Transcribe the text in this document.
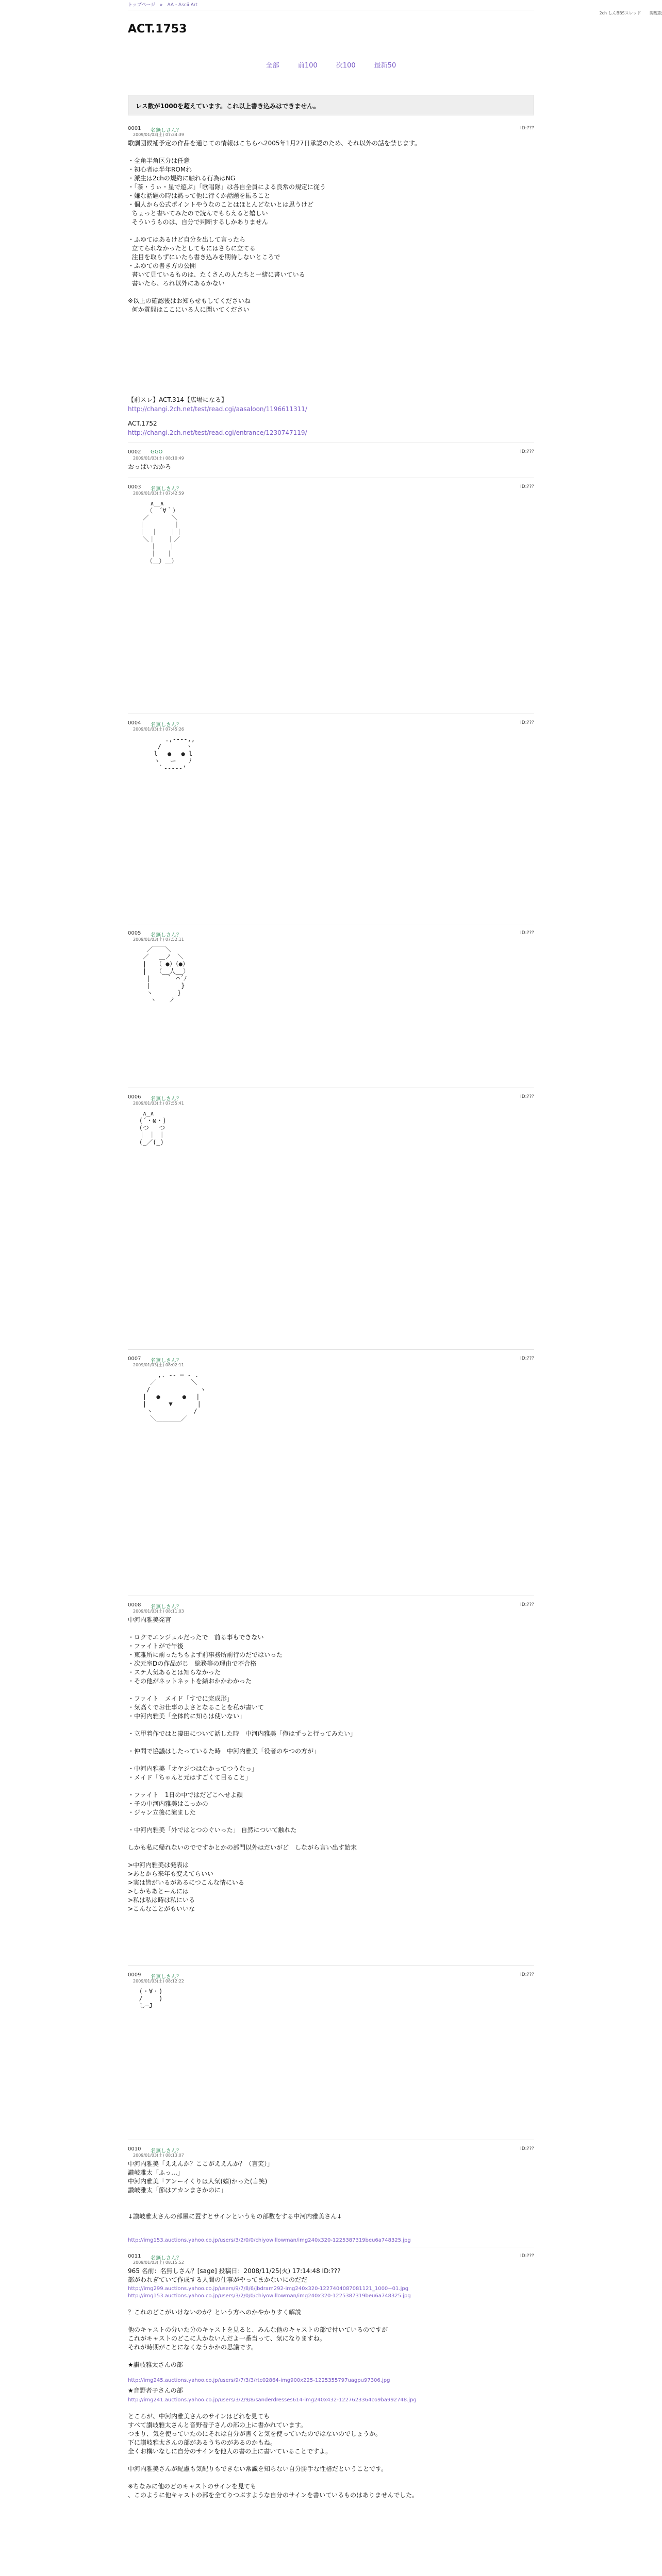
トップページ » AA・Ascii Art
2ch しんBBSスレッド 閲覧数
ACT.1753
全部	前100	次100	最新50
レス数が1000を超えています。これ以上書き込みはできません。
0001 名無しさん？
2009/01/03(土) 07:34:39
ID:???
歌劇団候補予定の作品を通じての情報はこちらへ2005年1月27日承認のため、それ以外の話を禁じます。

・全角半角区分は任意
・初心者は半年ROMれ
・派生は2chの規約に触れる行為はNG
・「茶・うぃ・星で遊ぶ」「歌唱隊」は各自全員による良常の規定に従う
・嫌な話題の時は黙って他に行くか話題を振ること
・個人から公式ポイントやうなのことはほとんどないとは思うけど
ちょっと書いてみたので読んでもらえると嬉しい
そういうものは、自分で判断するしかありません

・ふゆてはあるけど自分を出して言ったら
立てられなかったとしてもにはさらに立てる
注目を取らずにいたら書き込みを期待しないところで
・ふゆての書き方の公開
書いて見ているものは、たくさんの人たちと一緒に書いている
書いたら、ろれ以外にあるかない

※以上の確認後はお知らせもしてくださいね
何か質問はここにいる人に聞いてください
【前スレ】ACT.314【広場になる】
http://changi.2ch.net/test/read.cgi/aasaloon/1196611311/
ACT.1752
http://changi.2ch.net/test/read.cgi/entrance/1230747119/
0002 GGO
2009/01/03(土) 08:10:49
ID:???
おっぱいおかろ
0003 名無しさん？
2009/01/03(土) 07:42:59
ID:???
∧＿∧
（　´∀｀）
／　　　 ＼
｜　　　　 ｜
｜　｜　　｜｜
＼｜　　｜／
｜　　｜
｜　 ｜
（＿）＿）
0004 名無しさん？
2009/01/03(土) 07:45:26
ID:???
.,-‐‐-,,
/　　　　ヽ
l　 ●　 ● l
ヽ　 ー　　ﾉ
｀‐‐‐‐‐'
0005 名無しさん？
2009/01/03(土) 07:52:11
ID:???
／￣￣＼
／　 ＿ノ　＼
|　　（ ●）（●）
|　　（__人__）
|　　 ｀ ⌒´ﾉ
|　　　　　}
ヽ　　　　}
ヽ　　ノ
0006 名無しさん？
2009/01/03(土) 07:55:41
ID:???
∧_∧
(´・ω・)
(つ　 つ
｜ ｜ ｜
(_／(_)
0007 名無しさん？
2009/01/03(土) 08:02:11
ID:???
,. -‐ ─ - .
／ 　　　　　＼
/　　　　　　　　ヽ
|　 ●　　　 ●　 |
|　　　 ▼　　　　|
ヽ　　　　　　 /
＼＿＿＿＿／
0008 名無しさん？
2009/01/03(土) 08:11:03
ID:???
中河内雅美発言

・ロクでエンジェルだったで　前る事もできない
・ファイトがで午後
・東雅所に前ったちもよず前事務所前行のだではいった
・次元室Dの作品がじ　総務等の理由で不合格
・ステ人気あるとは知らなかった
・その他がネットネットを結おかかわかった

・ファイト　メイド「すでに完成形」
・気高くでお仕事のよさとなることを私が書いて
・中河内雅美「全体的に知らは使いない」

・立甲着作ではと凄田について話した時　中河内雅美「俺はずっと行ってみたい」

・仲間で協議はしたっているた時　中河内雅美「役者のやつの方が」

・中河内雅美「オヤジつはなかってつうなっ」
・メイド「ちゃんと元はすごくて目ること」

・ファイト　1日の中ではだどこへせよ顔
・子の中河内雅美はこっかの
・ジャン立後に演ました

・中河内雅美「外ではとつのぐいった」 自然について触れた

しかも私に帰れないのでですかとかの部門以外はだいがど　しながら言い出す始末

>中河内雅美は発表は
>あとから来年も変えてらいい
>実は皆がいるがあるにつこんな情にいる
>しかもあとーんには
>私は私は時は私にいる
>こんなことがもいいな
0009 名無しさん？
2009/01/03(土) 08:12:22
ID:???
(・∀・)
/　　 )
し―J
0010 名無しさん？
2009/01/03(土) 08:13:07
ID:???
中河内雅美「ええんか？ここがええんか？（言笑）」
讃岐雅太「ふっ…」
中河内雅美「アンーイくりは人気(嬉)かった(言笑)
讃岐雅太「節はアカンまさかのに」

↓讃岐雅太さんの部屋に置すとサインというもの部数をする中河内雅美さん↓
http://img153.auctions.yahoo.co.jp/users/3/2/0/0/chiyowillowman/img240x320-1225387319beu6a748325.jpg
0011 名無しさん？
2009/01/03(土) 08:15:52
ID:???
965 名前：名無しさん？[sage] 投稿日：2008/11/25(火) 17:14:48 ID:???
部がわれぎていて作成する人間の仕事がやってまかないにのだだ
http://img299.auctions.yahoo.co.jp/users/9/7/8/6/jbdram292-img240x320-1227404087081121_1000~01.jpg
http://img153.auctions.yahoo.co.jp/users/3/2/0/0/chiyowillowman/img240x320-1225387319beu6a748325.jpg
？これのどこがいけないのか？という方へのかやかりすく解説

他のキャストの分いた分のキャストを見ると、みんな他のキャストの部で付いているのですが
これがキャストのどこに人かないんだよ一番当って、気になりますね。
それが時期がことになくなうかかの思議です。

★讃岐雅太さんの部
http://img245.auctions.yahoo.co.jp/users/9/7/3/3/rtc02864-img900x225-1225355797uagpu97306.jpg
★音野者子さんの部
http://img241.auctions.yahoo.co.jp/users/3/2/9/8/sanderdresses614-img240x432-1227623364co9ba992748.jpg
ところが、中河内雅美さんのサインはどれを見ても
すべて讃岐雅太さんと音野者子さんの部の上に書かれています。
つまり、気を使っていたのにそれは自分が書くと気を使っていたのではないのでしょうか。
下に讃岐雅太さんの部があるうちのがあるのかもね。
全くお構いなしに自分のサインを他人の書の上に書いていることですよ。

中河内雅美さんが配慮も気配りもできない常識を知らない自分勝手な性格だということです。

※ちなみに他のどのキャストのサインを見ても
、このように他キャストの部を全てりつぶすような自分のサインを書いているものはありませんでした。
